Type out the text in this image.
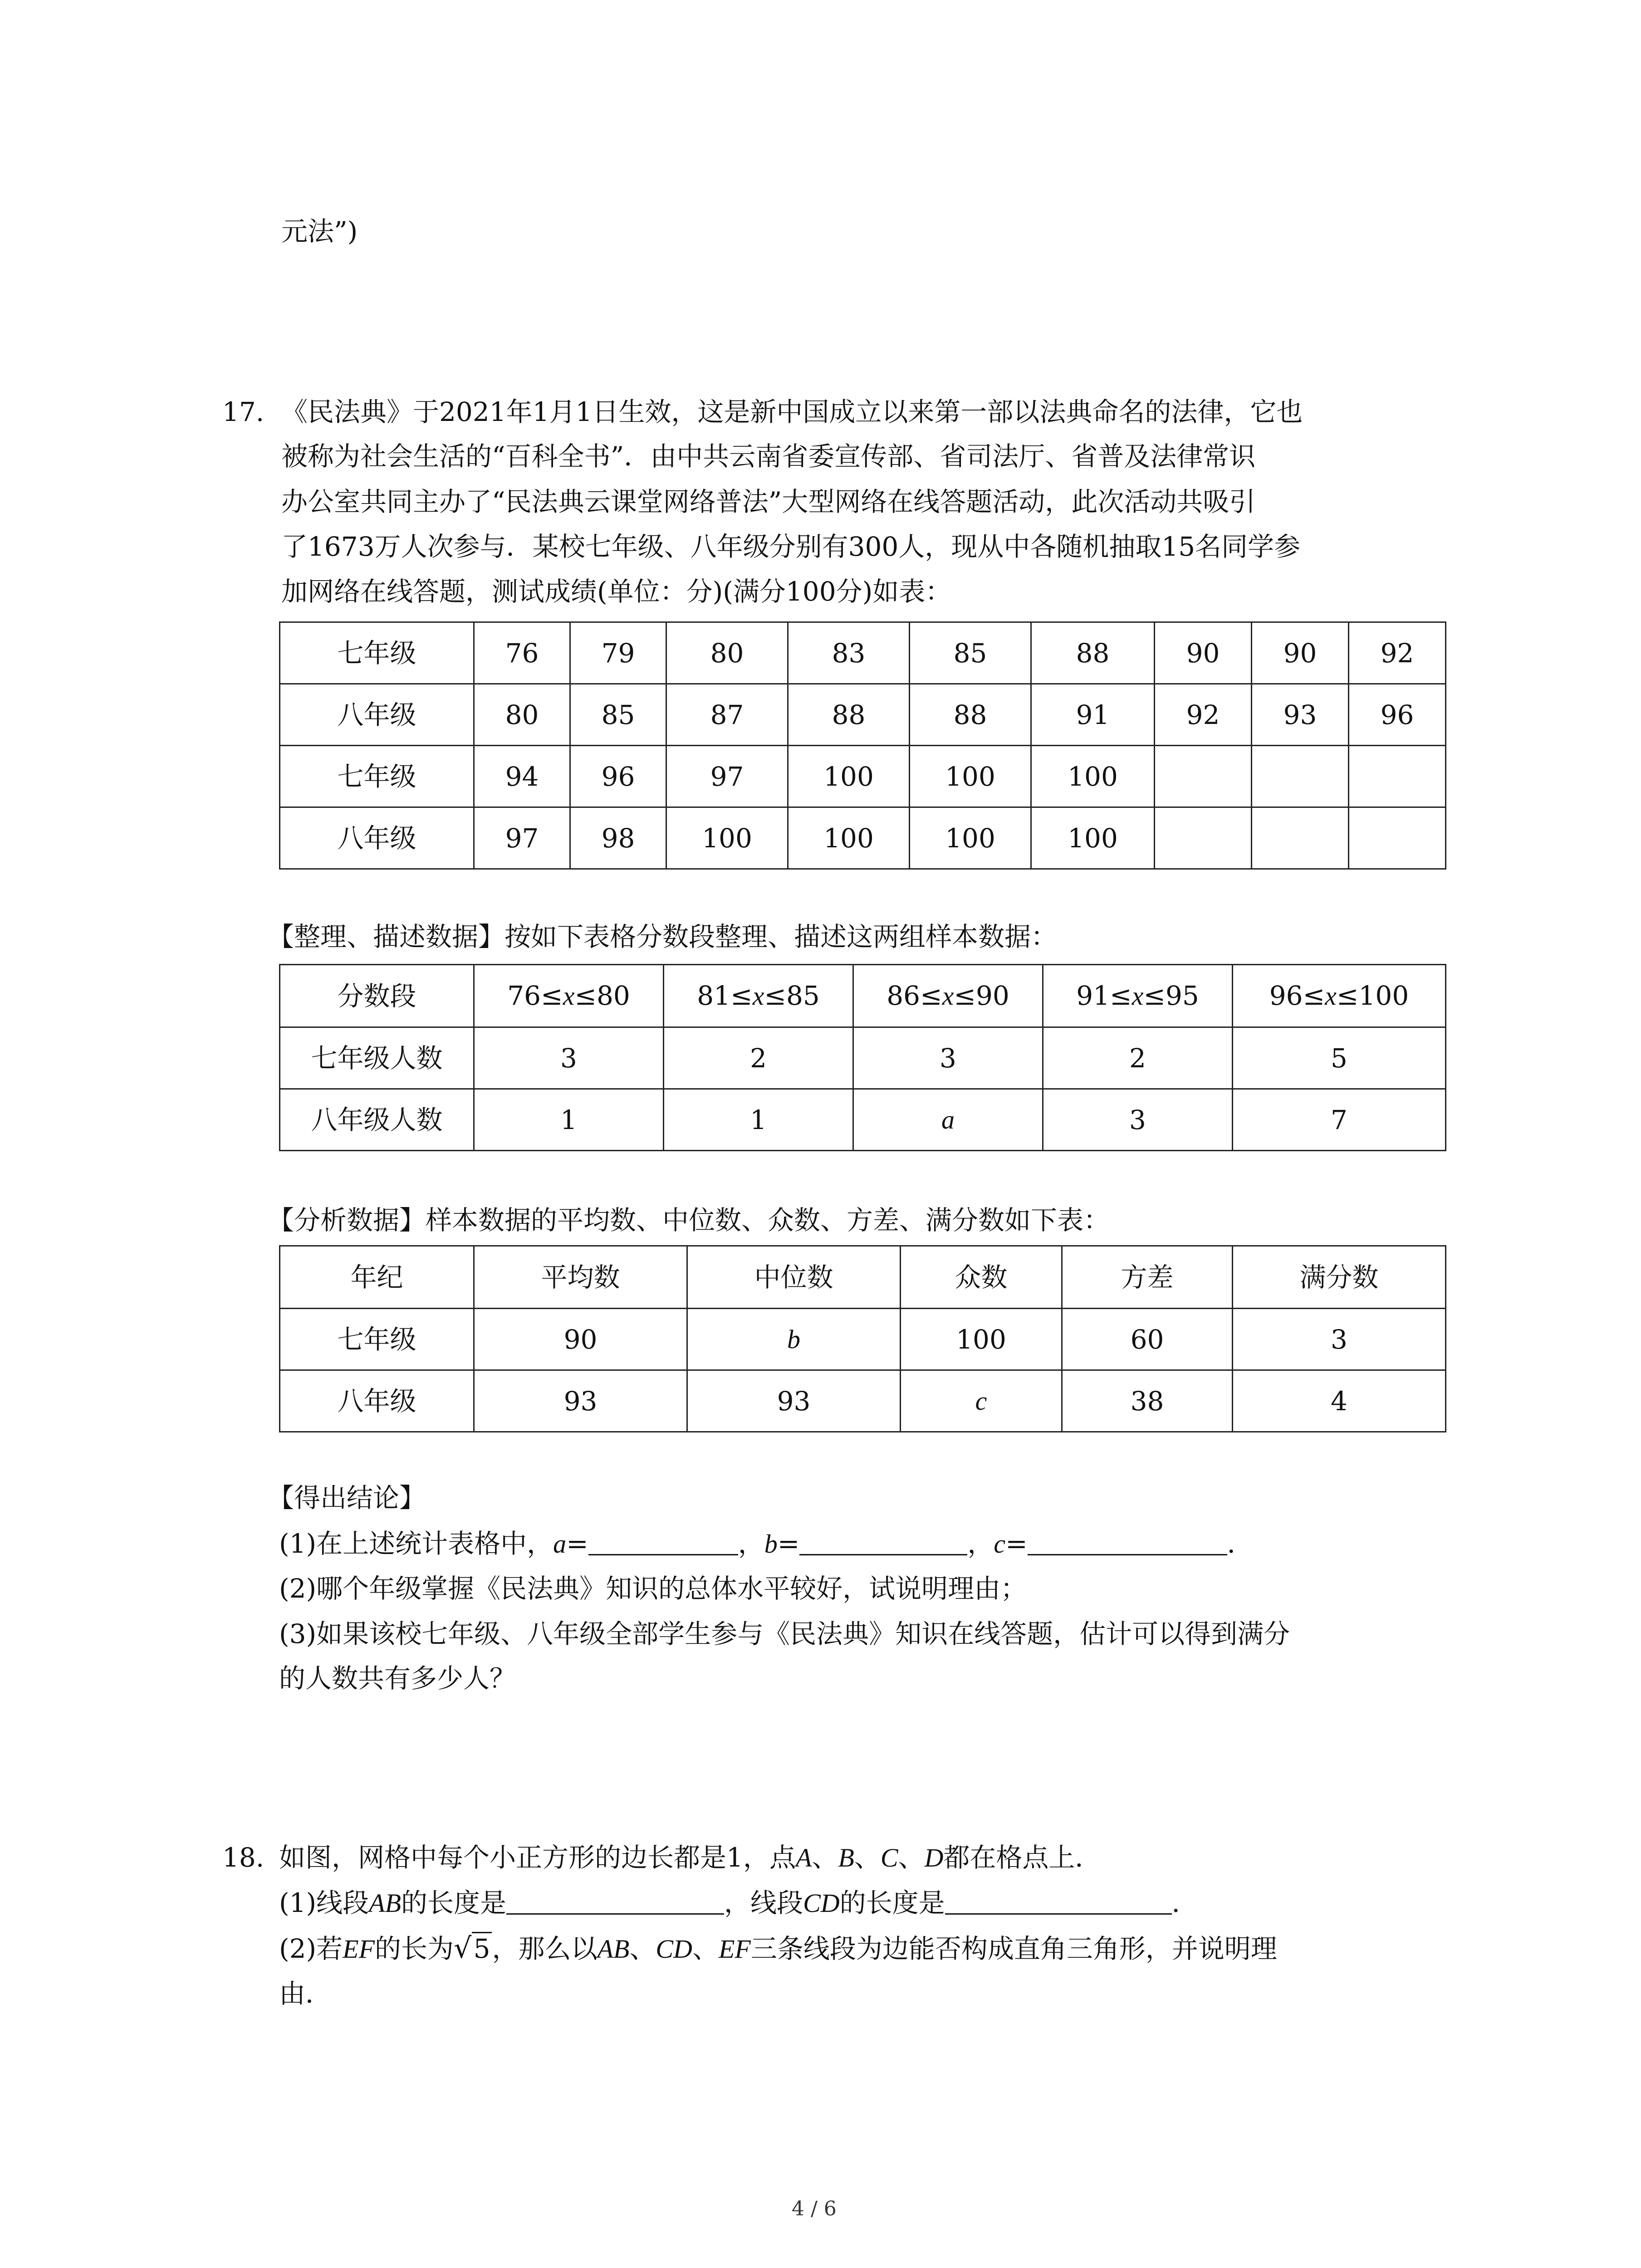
元法”)
17. 《民法典》于2021年1月1日生效，这是新中国成立以来第一部以法典命名的法律，它也
被称为社会生活的“百科全书”．由中共云南省委宣传部、省司法厅、省普及法律常识
办公室共同主办了“民法典云课堂网络普法”大型网络在线答题活动，此次活动共吸引
了1673万人次参与．某校七年级、八年级分别有300人，现从中各随机抽取15名同学参
加网络在线答题，测试成绩(单位：分)(满分100分)如表：
七年级	76	79	80	83	85	88	90	90	92
八年级	80	85	87	88	88	91	92	93	96
七年级	94	96	97	100	100	100			
八年级	97	98	100	100	100	100			
【整理、描述数据】按如下表格分数段整理、描述这两组样本数据：
分数段	76≤x≤80	81≤x≤85	86≤x≤90	91≤x≤95	96≤x≤100
七年级人数	3	2	3	2	5
八年级人数	1	1	a	3	7
【分析数据】样本数据的平均数、中位数、众数、方差、满分数如下表：
年纪	平均数	中位数	众数	方差	满分数
七年级	90	b	100	60	3
八年级	93	93	c	38	4
【得出结论】
(1)在上述统计表格中，a=	，b=	，c=	．
(2)哪个年级掌握《民法典》知识的总体水平较好，试说明理由；
(3)如果该校七年级、八年级全部学生参与《民法典》知识在线答题，估计可以得到满分
的人数共有多少人？
18. 如图，网格中每个小正方形的边长都是1，点A、B、C、D都在格点上．
(1)线段AB的长度是	，线段CD的长度是	．
(2)若EF的长为√5，那么以AB、CD、EF三条线段为边能否构成直角三角形，并说明理
由．
4 / 6
